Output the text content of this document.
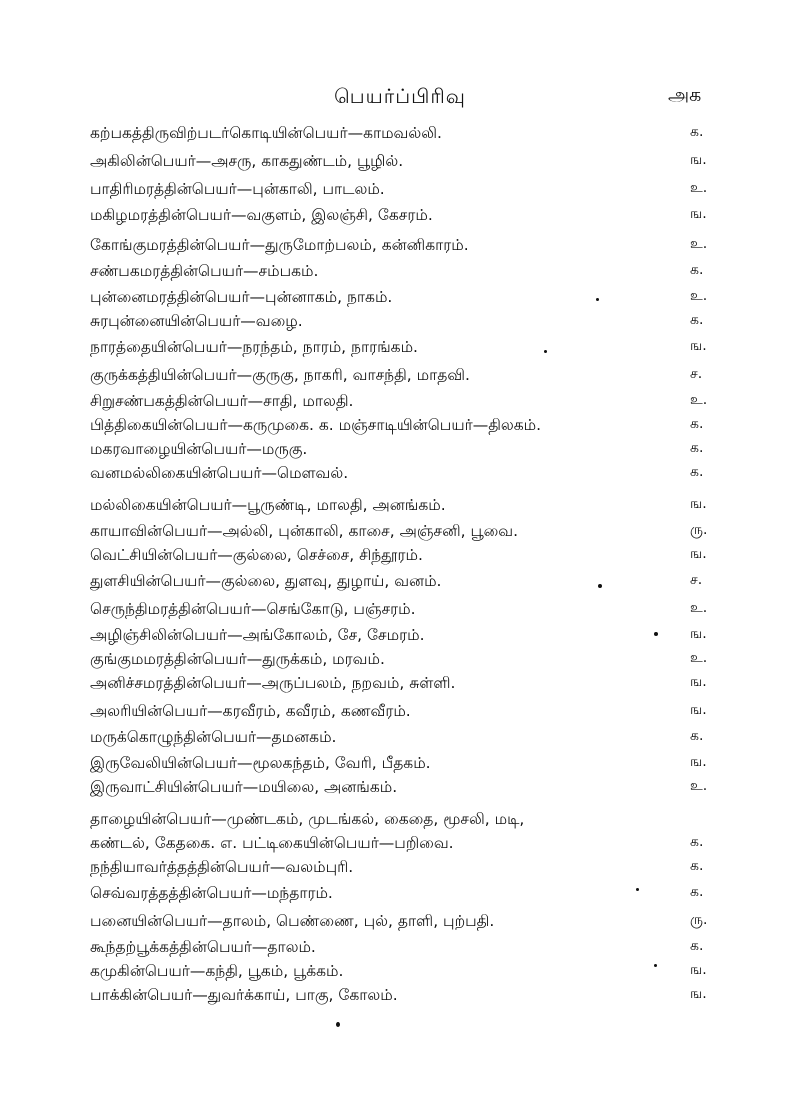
பெயர்ப்பிரிவு	அக
கற்பகத்திருவிற்படர்கொடியின்பெயர்—காமவல்லி.	க.
அகிலின்பெயர்—அசரு, காகதுண்டம், பூழில்.	ங.
பாதிரிமரத்தின்பெயர்—புன்காலி, பாடலம்.	உ.
மகிழமரத்தின்பெயர்—வகுளம், இலஞ்சி, கேசரம்.	ங.
கோங்குமரத்தின்பெயர்—துருமோற்பலம், கன்னிகாரம்.	உ.
சண்பகமரத்தின்பெயர்—சம்பகம்.	க.
புன்னைமரத்தின்பெயர்—புன்னாகம், நாகம்.	உ.
சுரபுன்னையின்பெயர்—வழை.	க.
நாரத்தையின்பெயர்—நரந்தம், நாரம், நாரங்கம்.	ங.
குருக்கத்தியின்பெயர்—குருகு, நாகரி, வாசந்தி, மாதவி.	ச.
சிறுசண்பகத்தின்பெயர்—சாதி, மாலதி.	உ.
பித்திகையின்பெயர்—கருமுகை. க. மஞ்சாடியின்பெயர்—திலகம்.	க.
மகரவாழையின்பெயர்—மருகு.	க.
வனமல்லிகையின்பெயர்—மௌவல்.	க.
மல்லிகையின்பெயர்—பூருண்டி, மாலதி, அனங்கம்.	ங.
காயாவின்பெயர்—அல்லி, புன்காலி, காசை, அஞ்சனி, பூவை.	ரு.
வெட்சியின்பெயர்—குல்லை, செச்சை, சிந்தூரம்.	ங.
துளசியின்பெயர்—குல்லை, துளவு, துழாய், வனம்.	ச.
செருந்திமரத்தின்பெயர்—செங்கோடு, பஞ்சரம்.	உ.
அழிஞ்சிலின்பெயர்—அங்கோலம், சே, சேமரம்.	ங.
குங்குமமரத்தின்பெயர்—துருக்கம், மரவம்.	உ.
அனிச்சமரத்தின்பெயர்—அருப்பலம், நறவம், சுள்ளி.	ங.
அலரியின்பெயர்—கரவீரம், கவீரம், கணவீரம்.	ங.
மருக்கொழுந்தின்பெயர்—தமனகம்.	க.
இருவேலியின்பெயர்—மூலகந்தம், வேரி, பீதகம்.	ங.
இருவாட்சியின்பெயர்—மயிலை, அனங்கம்.	உ.
தாழையின்பெயர்—முண்டகம், முடங்கல், கைதை, மூசலி, மடி,
கண்டல், கேதகை. எ. பட்டிகையின்பெயர்—பறிவை.	க.
நந்தியாவர்த்தத்தின்பெயர்—வலம்புரி.	க.
செவ்வரத்தத்தின்பெயர்—மந்தாரம்.	க.
பனையின்பெயர்—தாலம், பெண்ணை, புல், தாளி, புற்பதி.	ரு.
கூந்தற்பூக்கத்தின்பெயர்—தாலம்.	க.
கமுகின்பெயர்—கந்தி, பூகம், பூக்கம்.	ங.
பாக்கின்பெயர்—துவர்க்காய், பாகு, கோலம்.	ங.
